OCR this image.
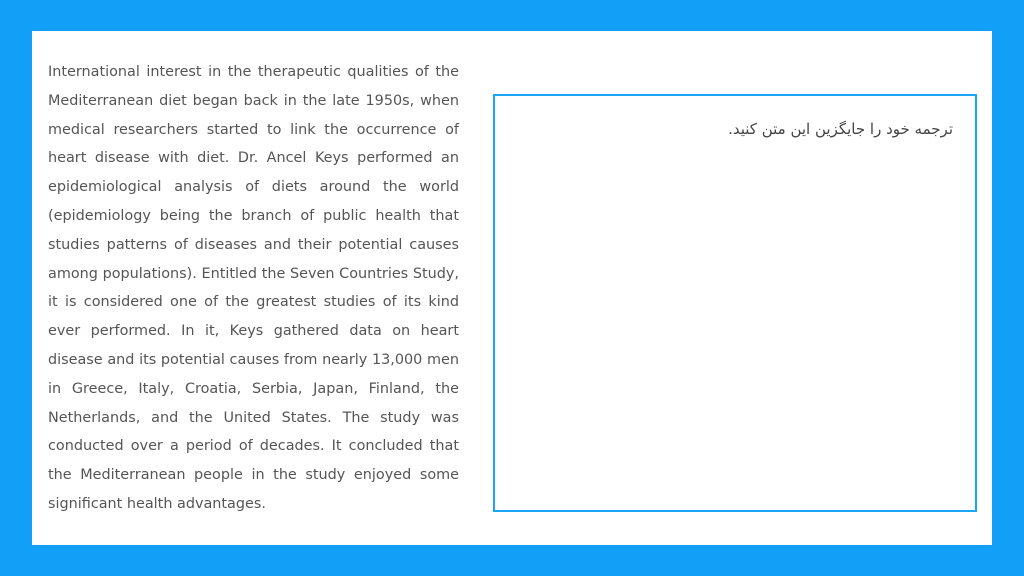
International interest in the therapeutic qualities of the Mediterranean diet began back in the late 1950s, when medical researchers started to link the occurrence of heart disease with diet. Dr. Ancel Keys performed an epidemiological analysis of diets around the world (epidemiology being the branch of public health that studies patterns of diseases and their potential causes among populations). Entitled the Seven Countries Study, it is considered one of the greatest studies of its kind ever performed. In it, Keys gathered data on heart disease and its potential causes from nearly 13,000 men in Greece, Italy, Croatia, Serbia, Japan, Finland, the Netherlands, and the United States. The study was conducted over a period of decades. It concluded that the Mediterranean people in the study enjoyed some significant health advantages.

ترجمه خود را جایگزین این متن کنید.
